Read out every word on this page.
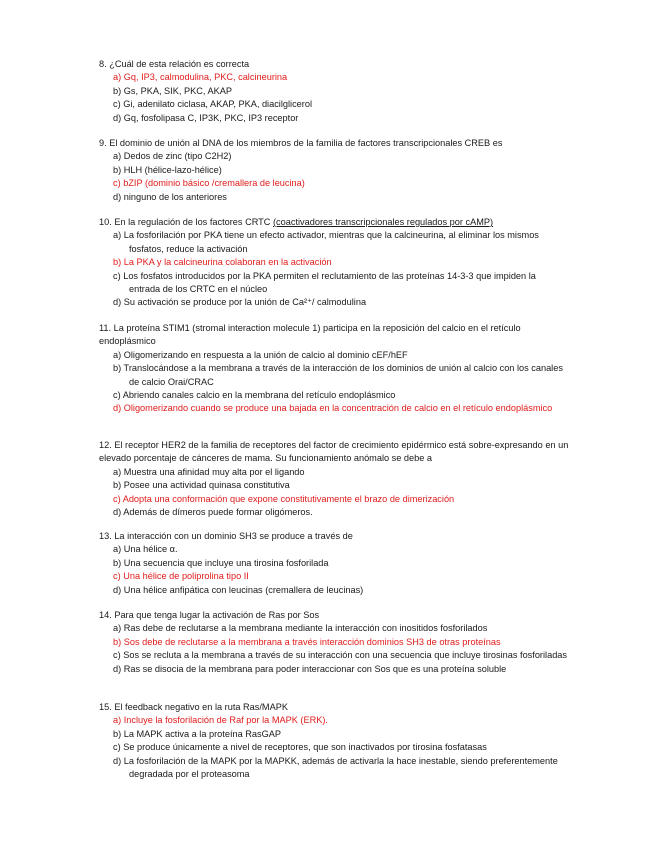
8. ¿Cuál de esta relación es correcta

a) Gq, IP3, calmodulina, PKC, calcineurina

b) Gs, PKA, SIK, PKC, AKAP

c) Gi, adenilato ciclasa, AKAP, PKA, diacilglicerol

d) Gq, fosfolipasa C, IP3K, PKC, IP3 receptor

9. El dominio de unión al DNA de los miembros de la familia de factores transcripcionales CREB es

a) Dedos de zinc (tipo C2H2)

b) HLH (hélice-lazo-hélice)

c) bZIP (dominio básico /cremallera de leucina)

d) ninguno de los anteriores

10. En la regulación de los factores CRTC (coactivadores transcripcionales regulados por cAMP)

a) La fosforilación por PKA tiene un efecto activador, mientras que la calcineurina, al eliminar los mismos fosfatos, reduce la activación

b) La PKA y la calcineurina colaboran en la activación

c) Los fosfatos introducidos por la PKA permiten el reclutamiento de las proteínas 14-3-3 que impiden la entrada de los CRTC en el núcleo

d) Su activación se produce por la unión de Ca²⁺/ calmodulina

11. La proteína STIM1 (stromal interaction molecule 1) participa en la reposición del calcio en el retículo endoplásmico

a) Oligomerizando en respuesta a la unión de calcio al dominio cEF/hEF

b) Translocándose a la membrana a través de la interacción de los dominios de unión al calcio con los canales de calcio Orai/CRAC

c) Abriendo canales calcio en la membrana del retículo endoplásmico

d) Oligomerizando cuando se produce una bajada en la concentración de calcio en el retículo endoplásmico

12. El receptor HER2 de la familia de receptores del factor de crecimiento epidérmico está sobre-expresando en un elevado porcentaje de cánceres de mama. Su funcionamiento anómalo se debe a

a) Muestra una afinidad muy alta por el ligando

b) Posee una actividad quinasa constitutiva

c) Adopta una conformación que expone constitutivamente el brazo de dimerización

d) Además de dímeros puede formar oligómeros.

13. La interacción con un dominio SH3 se produce a través de

a) Una hélice α.

b) Una secuencia que incluye una tirosina fosforilada

c) Una hélice de poliprolina tipo II

d) Una hélice anfipática con leucinas (cremallera de leucinas)

14. Para que tenga lugar la activación de Ras por Sos

a) Ras debe de reclutarse a la membrana mediante la interacción con inositidos fosforilados

b) Sos debe de reclutarse a la membrana a través interacción dominios SH3 de otras proteínas

c) Sos se recluta a la membrana a través de su interacción con una secuencia que incluye tirosinas fosforiladas

d) Ras se disocia de la membrana para poder interaccionar con Sos que es una proteína soluble

15. El feedback negativo en la ruta Ras/MAPK

a) Incluye la fosforilación de Raf por la MAPK (ERK).

b) La MAPK activa a la proteína RasGAP

c) Se produce únicamente a nivel de receptores, que son inactivados por tirosina fosfatasas

d) La fosforilación de la MAPK por la MAPKK, además de activarla la hace inestable, siendo preferentemente degradada por el proteasoma
